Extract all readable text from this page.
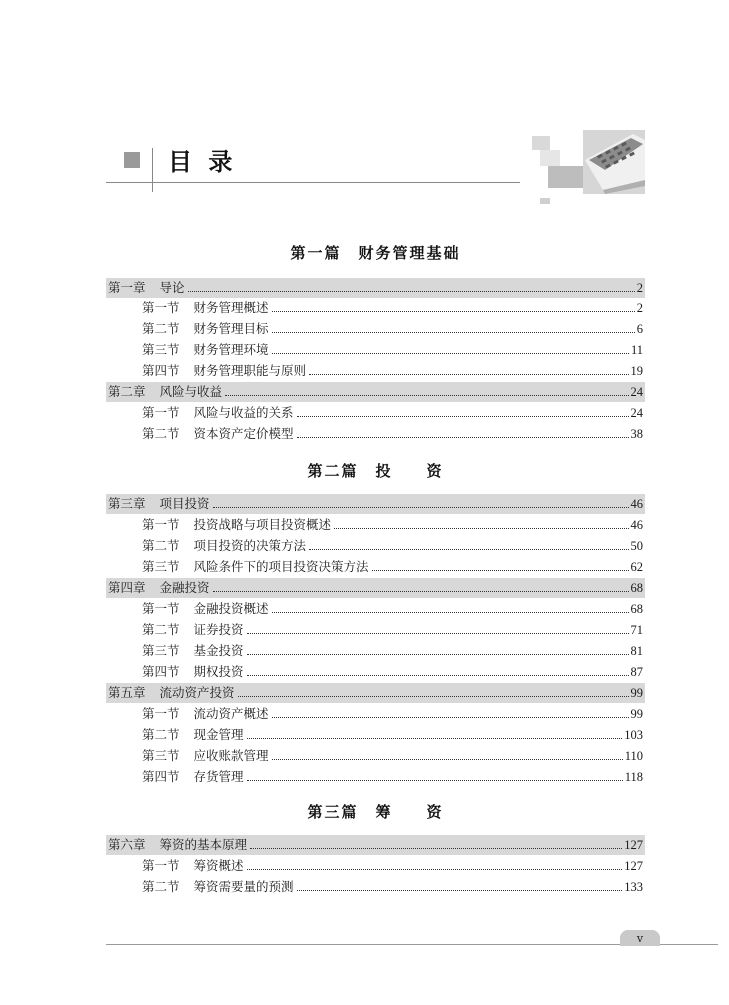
目 录
第一篇　财务管理基础
第二篇　投　　资
第三篇　筹　　资
第一章 导论	2
第一节 财务管理概述	2
第二节 财务管理目标	6
第三节 财务管理环境	11
第四节 财务管理职能与原则	19
第二章 风险与收益	24
第一节 风险与收益的关系	24
第二节 资本资产定价模型	38
第三章 项目投资	46
第一节 投资战略与项目投资概述	46
第二节 项目投资的决策方法	50
第三节 风险条件下的项目投资决策方法	62
第四章 金融投资	68
第一节 金融投资概述	68
第二节 证券投资	71
第三节 基金投资	81
第四节 期权投资	87
第五章 流动资产投资	99
第一节 流动资产概述	99
第二节 现金管理	103
第三节 应收账款管理	110
第四节 存货管理	118
第六章 筹资的基本原理	127
第一节 筹资概述	127
第二节 筹资需要量的预测	133
v
